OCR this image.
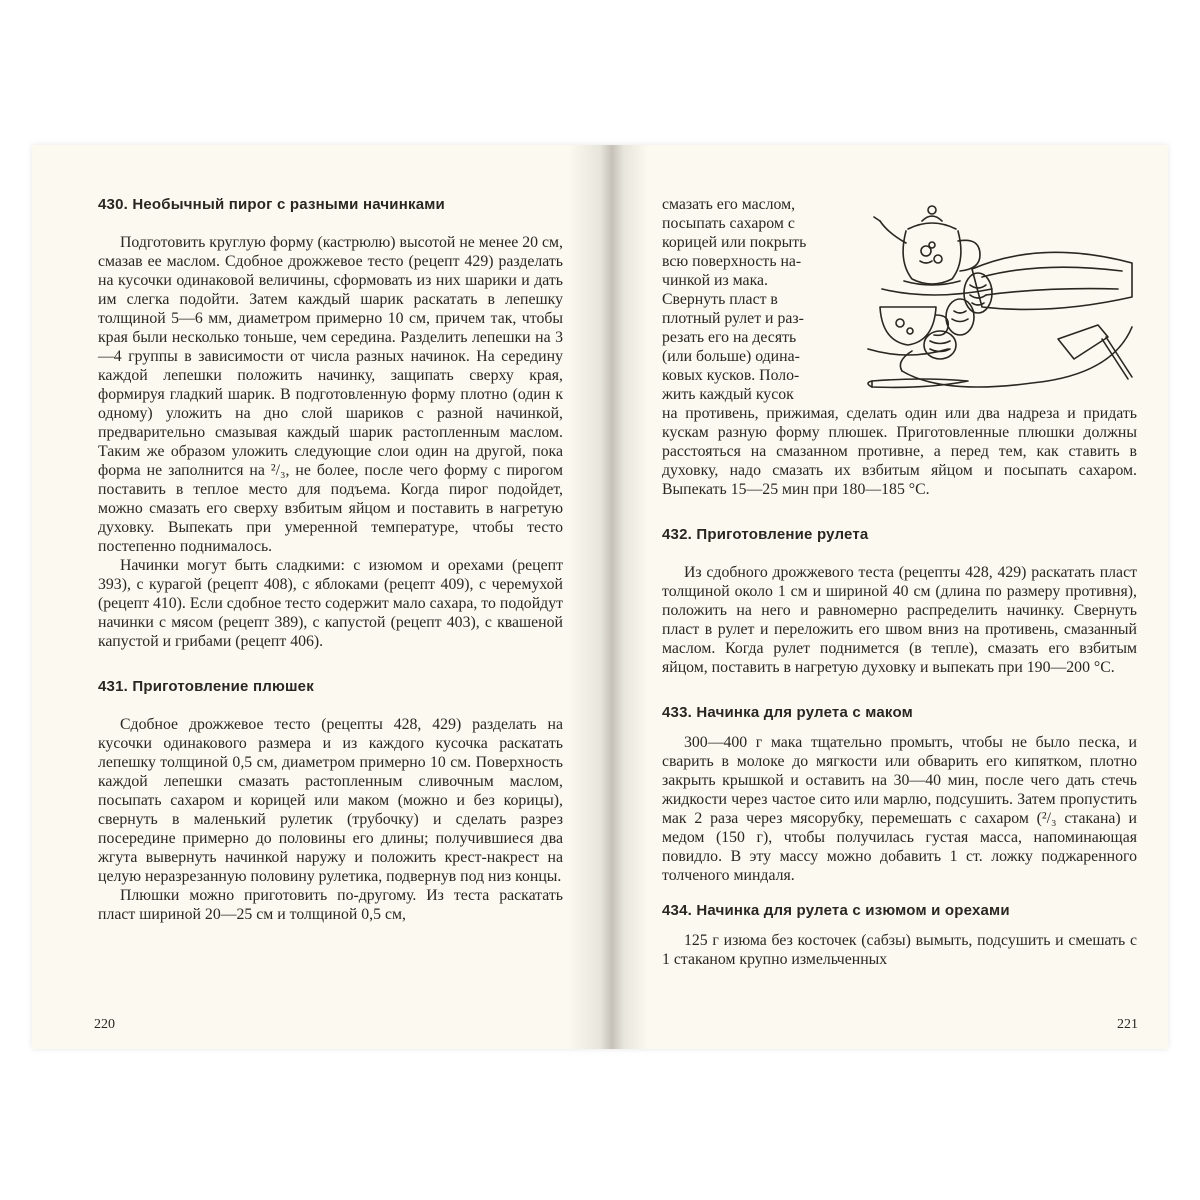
430. Необычный пирог с разными начинками

Подготовить круглую форму (кастрюлю) высотой не менее 20 см, смазав ее маслом. Сдобное дрожжевое тесто (рецепт 429) разделать на кусочки одинаковой величины, сформовать из них шарики и дать им слегка подойти. Затем каждый шарик раскатать в лепешку толщиной 5—6 мм, диаметром примерно 10 см, причем так, чтобы края были несколько тоньше, чем середина. Разделить лепешки на 3—4 группы в зависимости от числа разных начинок. На середину каждой лепешки положить начинку, защипать сверху края, формируя гладкий шарик. В подготовленную форму плотно (один к одному) уложить на дно слой шариков с разной начинкой, предварительно смазывая каждый шарик растопленным маслом. Таким же образом уложить следующие слои один на другой, пока форма не заполнится на ²/₃, не более, после чего форму с пирогом поставить в теплое место для подъема. Когда пирог подойдет, можно смазать его сверху взбитым яйцом и поставить в нагретую духовку. Выпекать при умеренной температуре, чтобы тесто постепенно поднималось.

Начинки могут быть сладкими: с изюмом и орехами (рецепт 393), с курагой (рецепт 408), с яблоками (рецепт 409), с черемухой (рецепт 410). Если сдобное тесто содержит мало сахара, то подойдут начинки с мясом (рецепт 389), с капустой (рецепт 403), с квашеной капустой и грибами (рецепт 406).

431. Приготовление плюшек

Сдобное дрожжевое тесто (рецепты 428, 429) разделать на кусочки одинакового размера и из каждого кусочка раскатать лепешку толщиной 0,5 см, диаметром примерно 10 см. Поверхность каждой лепешки смазать растопленным сливочным маслом, посыпать сахаром и корицей или маком (можно и без корицы), свернуть в маленький рулетик (трубочку) и сделать разрез посередине примерно до половины его длины; получившиеся два жгута вывернуть начинкой наружу и положить крест-накрест на целую неразрезанную половину рулетика, подвернув под низ концы.

Плюшки можно приготовить по-другому. Из теста раскатать пласт шириной 20—25 см и толщиной 0,5 см,

220
смазать его маслом,
посыпать сахаром с
корицей или покрыть
всю поверхность на-
чинкой из мака.
Свернуть пласт в
плотный рулет и раз-
резать его на десять
(или больше) одина-
ковых кусков. Поло-
жить каждый кусок

на противень, прижимая, сделать один или два надреза и придать кускам разную форму плюшек. Приготовленные плюшки должны расстояться на смазанном противне, а перед тем, как ставить в духовку, надо смазать их взбитым яйцом и посыпать сахаром. Выпекать 15—25 мин при 180—185 °С.

432. Приготовление рулета

Из сдобного дрожжевого теста (рецепты 428, 429) раскатать пласт толщиной около 1 см и шириной 40 см (длина по размеру противня), положить на него и равномерно распределить начинку. Свернуть пласт в рулет и переложить его швом вниз на противень, смазанный маслом. Когда рулет поднимется (в тепле), смазать его взбитым яйцом, поставить в нагретую духовку и выпекать при 190—200 °С.

433. Начинка для рулета с маком

300—400 г мака тщательно промыть, чтобы не было песка, и сварить в молоке до мягкости или обварить его кипятком, плотно закрыть крышкой и оставить на 30—40 мин, после чего дать стечь жидкости через частое сито или марлю, подсушить. Затем пропустить мак 2 раза через мясорубку, перемешать с сахаром (²/₃ стакана) и медом (150 г), чтобы получилась густая масса, напоминающая повидло. В эту массу можно добавить 1 ст. ложку поджаренного толченого миндаля.

434. Начинка для рулета с изюмом и орехами

125 г изюма без косточек (сабзы) вымыть, подсушить и смешать с 1 стаканом крупно измельченных

221
